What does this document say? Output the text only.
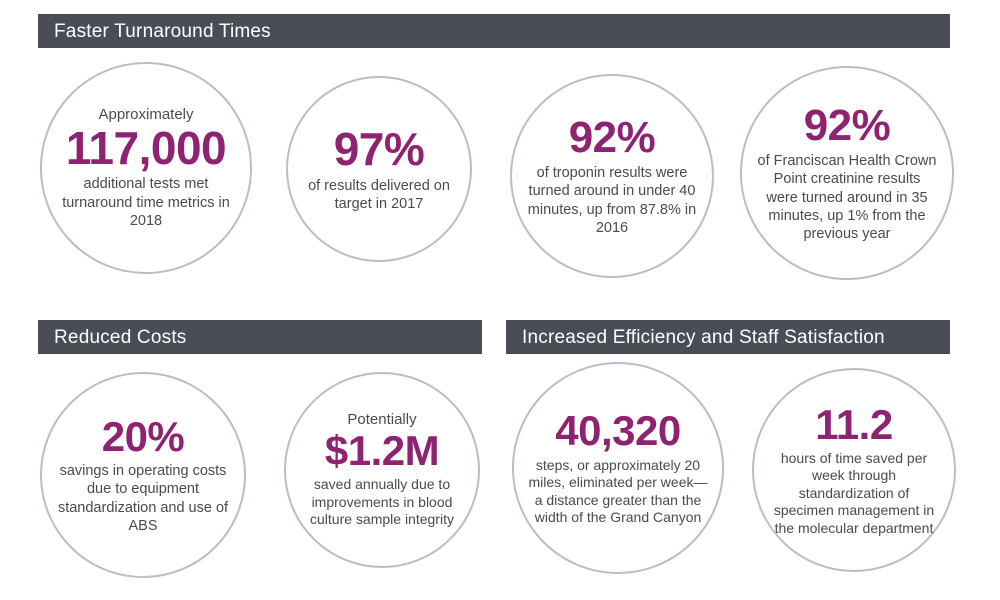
Faster Turnaround Times
Reduced Costs	Increased Efficiency and Staff Satisfaction
Approximately
117,000
additional tests met turnaround time metrics in 2018
97%
of results delivered on target in 2017
92%
of troponin results were turned around in under 40 minutes, up from 87.8% in 2016
92%
of Franciscan Health Crown Point creatinine results were turned around in 35 minutes, up 1% from the previous year
20%
savings in operating costs due to equipment standardization and use of ABS
Potentially
$1.2M
saved annually due to improvements in blood culture sample integrity
40,320
steps, or approximately 20 miles, eliminated per week—a distance greater than the width of the Grand Canyon
11.2
hours of time saved per week through standardization of specimen management in the molecular department
